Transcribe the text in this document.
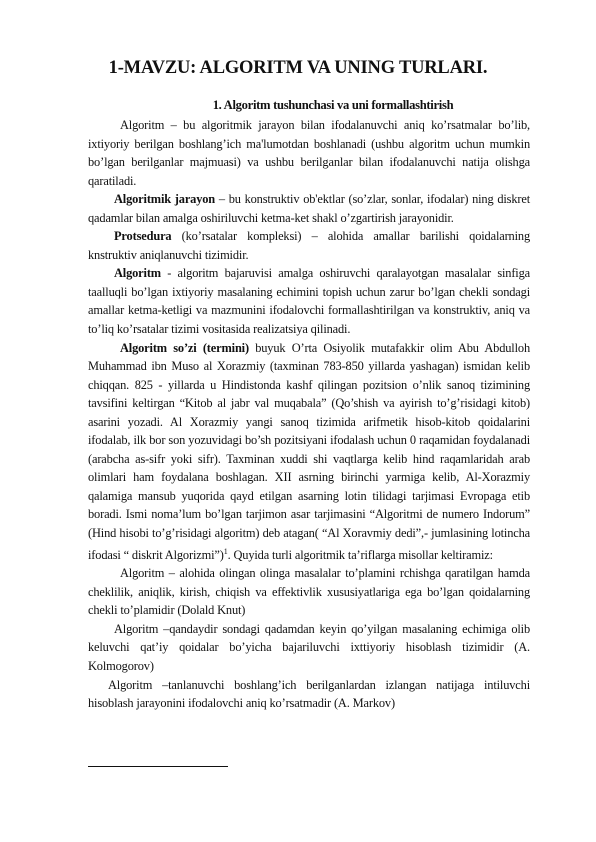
1-MAVZU: ALGORITM VA UNING TURLARI.
1. Algoritm tushunchasi va uni formallashtirish

Algoritm – bu algoritmik jarayon bilan ifodalanuvchi aniq ko’rsatmalar bo’lib, ixtiyoriy berilgan boshlang’ich ma'lumotdan boshlanadi (ushbu algoritm uchun mumkin bo’lgan berilganlar majmuasi) va ushbu berilganlar bilan ifodalanuvchi natija olishga qaratiladi.

Algoritmik jarayon – bu konstruktiv ob'ektlar (so’zlar, sonlar, ifodalar) ning diskret qadamlar bilan amalga oshiriluvchi ketma-ket shakl o’zgartirish jarayonidir.

Protsedura (ko’rsatalar kompleksi) – alohida amallar barilishi qoidalarning knstruktiv aniqlanuvchi tizimidir.

Algoritm - algoritm bajaruvisi amalga oshiruvchi qaralayotgan masalalar sinfiga taalluqli bo’lgan ixtiyoriy masalaning echimini topish uchun zarur bo’lgan chekli sondagi amallar ketma-ketligi va mazmunini ifodalovchi formallashtirilgan va konstruktiv, aniq va to’liq ko’rsatalar tizimi vositasida realizatsiya qilinadi.

Algoritm so’zi (termini) buyuk O’rta Osiyolik mutafakkir olim Abu Abdulloh Muhammad ibn Muso al Xorazmiy (taxminan 783-850 yillarda yashagan) ismidan kelib chiqqan. 825 - yillarda u Hindistonda kashf qilingan pozitsion o’nlik sanoq tizimining tavsifini keltirgan “Kitob al jabr val muqabala” (Qo’shish va ayirish to’g’risidagi kitob) asarini yozadi. Al Xorazmiy yangi sanoq tizimida arifmetik hisob-kitob qoidalarini ifodalab, ilk bor son yozuvidagi bo’sh pozitsiyani ifodalash uchun 0 raqamidan foydalanadi (arabcha as-sifr yoki sifr). Taxminan xuddi shi vaqtlarga kelib hind raqamlaridah arab olimlari ham foydalana boshlagan. XII asrning birinchi yarmiga kelib, Al-Xorazmiy qalamiga mansub yuqorida qayd etilgan asarning lotin tilidagi tarjimasi Evropaga etib boradi. Ismi noma’lum bo’lgan tarjimon asar tarjimasini “Algoritmi de numero Indorum” (Hind hisobi to’g’risidagi algoritm) deb atagan( “Al Xoravmiy dedi”,- jumlasining lotincha ifodasi “ diskrit Algorizmi”)$^1$. Quyida turli algoritmik ta’riflarga misollar keltiramiz:

Algoritm – alohida olingan olinga masalalar to’plamini rchishga qaratilgan hamda cheklilik, aniqlik, kirish, chiqish va effektivlik xususiyatlariga ega bo’lgan qoidalarning chekli to’plamidir (Dolald Knut)

Algoritm –qandaydir sondagi qadamdan keyin qo’yilgan masalaning echimiga olib keluvchi qat’iy qoidalar bo’yicha bajariluvchi ixttiyoriy hisoblash tizimidir (A. Kolmogorov)

Algoritm –tanlanuvchi boshlang’ich berilganlardan izlangan natijaga intiluvchi hisoblash jarayonini ifodalovchi aniq ko’rsatmadir (A. Markov)
